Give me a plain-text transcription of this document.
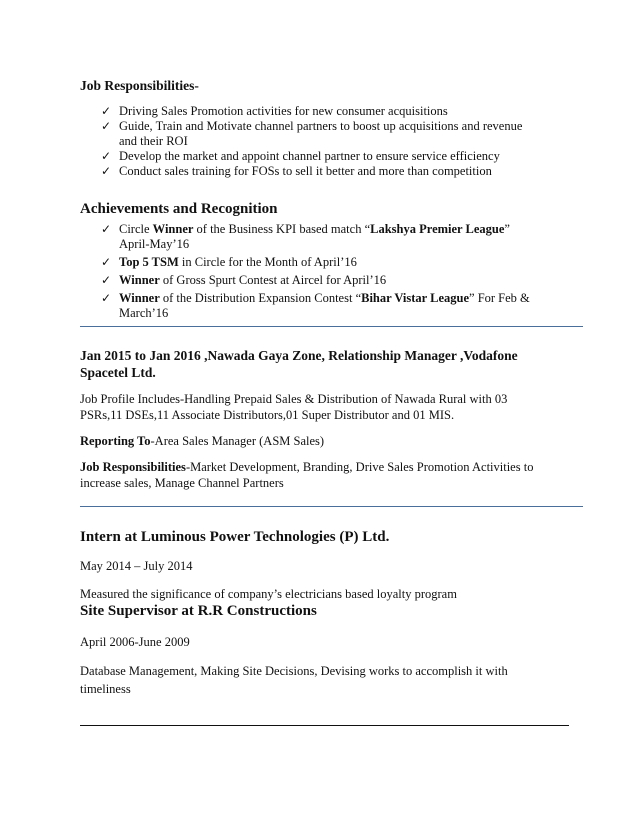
Job Responsibilities-
✓ Driving Sales Promotion activities for new consumer acquisitions
✓ Guide, Train and Motivate channel partners to boost up acquisitions and revenue and their ROI
✓ Develop the market and appoint channel partner to ensure service efficiency
✓ Conduct sales training for FOSs to sell it better and more than competition
Achievements and Recognition
✓ Circle Winner of the Business KPI based match “Lakshya Premier League” April-May’16
✓ Top 5 TSM in Circle for the Month of April’16
✓ Winner of Gross Spurt Contest at Aircel for April’16
✓ Winner of the Distribution Expansion Contest “Bihar Vistar League” For Feb & March’16
Jan 2015 to Jan 2016 ,Nawada Gaya Zone, Relationship Manager ,Vodafone Spacetel Ltd.
Job Profile Includes-Handling Prepaid Sales & Distribution of Nawada Rural with 03 PSRs,11 DSEs,11 Associate Distributors,01 Super Distributor and 01 MIS.
Reporting To-Area Sales Manager (ASM Sales)
Job Responsibilities-Market Development, Branding, Drive Sales Promotion Activities to increase sales, Manage Channel Partners
Intern at Luminous Power Technologies (P) Ltd.
May 2014 – July 2014
Measured the significance of company’s electricians based loyalty program
Site Supervisor at R.R Constructions
April 2006-June 2009
Database Management, Making Site Decisions, Devising works to accomplish it with timeliness
